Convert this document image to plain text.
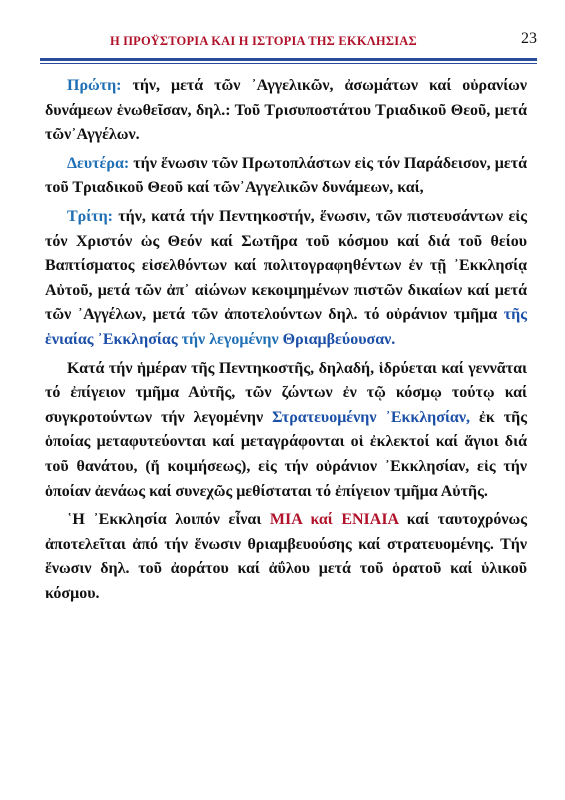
Η ΠΡΟΫΣΤΟΡΙΑ ΚΑΙ Η ΙΣΤΟΡΙΑ ΤΗΣ ΕΚΚΛΗΣΙΑΣ	23

Πρώτη: τήν, μετά τῶν ᾿Αγγελικῶν, ἀσωμάτων καί οὐρανίων δυνάμεων ἑνωθεῖσαν, δηλ.: Τοῦ Τρισυποστάτου Τριαδικοῦ Θεοῦ, μετά τῶν᾿Αγγέλων.

Δευτέρα: τήν ἕνωσιν τῶν Πρωτοπλάστων εἰς τόν Παράδεισον, μετά τοῦ Τριαδικοῦ Θεοῦ καί τῶν᾿Αγγελικῶν δυνάμεων, καί,

Τρίτη: τήν, κατά τήν Πεντηκοστήν, ἕνωσιν, τῶν πιστευσάντων εἰς τόν Χριστόν ὡς Θεόν καί Σωτῆρα τοῦ κόσμου καί διά τοῦ θείου Βαπτίσματος εἰσελθόντων καί πολιτογραφηθέντων ἐν τῇ ᾿Εκκλησίᾳ Αὐτοῦ, μετά τῶν ἀπ᾿ αἰώνων κεκοιμημένων πιστῶν δικαίων καί μετά τῶν ᾿Αγγέλων, μετά τῶν ἀποτελούντων δηλ. τό οὐράνιον τμῆμα τῆς ἑνιαίας ᾿Εκκλησίας τήν λεγομένην Θριαμβεύουσαν.

Κατά τήν ἡμέραν τῆς Πεντηκοστῆς, δηλαδή, ἱδρύεται καί γεννᾶται τό ἐπίγειον τμῆμα Αὐτῆς, τῶν ζώντων ἐν τῷ κόσμῳ τούτῳ καί συγκροτούντων τήν λεγομένην Στρατευομένην ᾿Εκκλησίαν, ἐκ τῆς ὁποίας μεταφυτεύονται καί μεταγράφονται οἱ ἐκλεκτοί καί ἅγιοι διά τοῦ θανάτου, (ἤ κοιμήσεως), εἰς τήν οὐράνιον ᾿Εκκλησίαν, εἰς τήν ὁποίαν ἀενάως καί συνεχῶς μεθίσταται τό ἐπίγειον τμῆμα Αὐτῆς.

῾Η ᾿Εκκλησία λοιπόν εἶναι ΜΙΑ καί ΕΝΙΑΙΑ καί ταυτοχρόνως ἀποτελεῖται ἀπό τήν ἕνωσιν θριαμβευούσης καί στρατευομένης. Τήν ἕνωσιν δηλ. τοῦ ἀοράτου καί ἀΰλου μετά τοῦ ὁρατοῦ καί ὑλικοῦ κόσμου.
